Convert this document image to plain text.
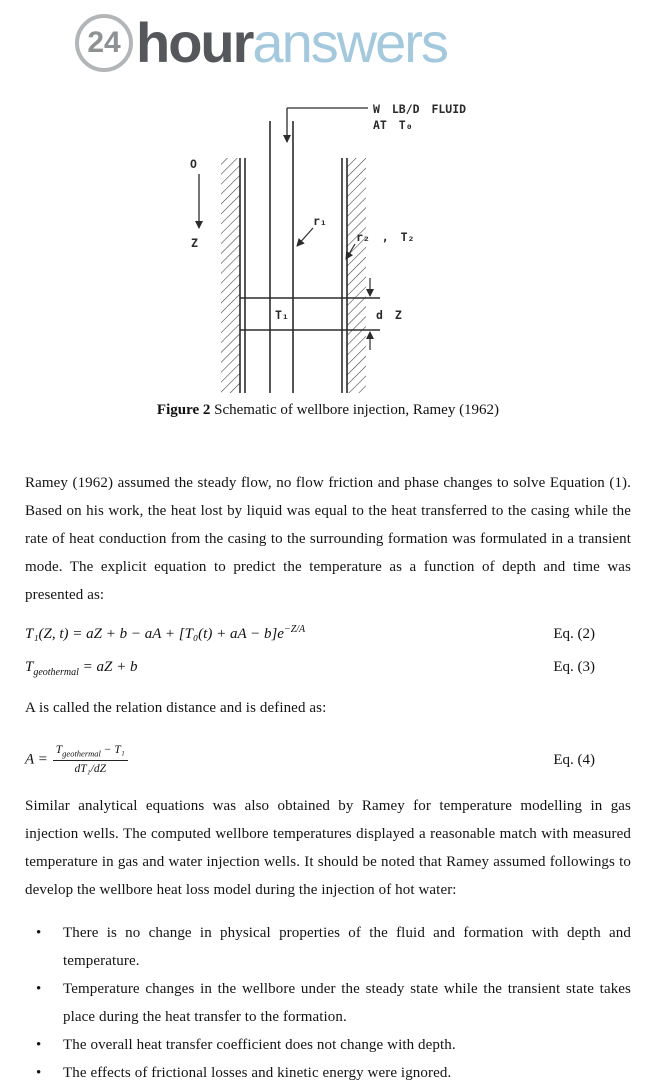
24 hour answers
W LB/D FLUID
AT T₀
O
Z
r₁
r₂ , T₂
T₁	d Z
Figure 2 Schematic of wellbore injection, Ramey (1962)

Ramey (1962) assumed the steady flow, no flow friction and phase changes to solve Equation (1). Based on his work, the heat lost by liquid was equal to the heat transferred to the casing while the rate of heat conduction from the casing to the surrounding formation was formulated in a transient mode. The explicit equation to predict the temperature as a function of depth and time was presented as:

T₁(Z, t) = aZ + b − aA + [T₀(t) + aA − $b]e^{-Z/A}$	Eq. (2)
$T_{geothermal}$ = aZ + b	Eq. (3)

A is called the relation distance and is defined as:

$A = \frac{T_{geothermal} - T_1}{\text{dT₁/dZ}}$	Eq. (4)

Similar analytical equations was also obtained by Ramey for temperature modelling in gas injection wells. The computed wellbore temperatures displayed a reasonable match with measured temperature in gas and water injection wells. It should be noted that Ramey assumed followings to develop the wellbore heat loss model during the injection of hot water:

•	There is no change in physical properties of the fluid and formation with depth and temperature.
•	Temperature changes in the wellbore under the steady state while the transient state takes place during the heat transfer to the formation.
•	The overall heat transfer coefficient does not change with depth.
•	The effects of frictional losses and kinetic energy were ignored.
